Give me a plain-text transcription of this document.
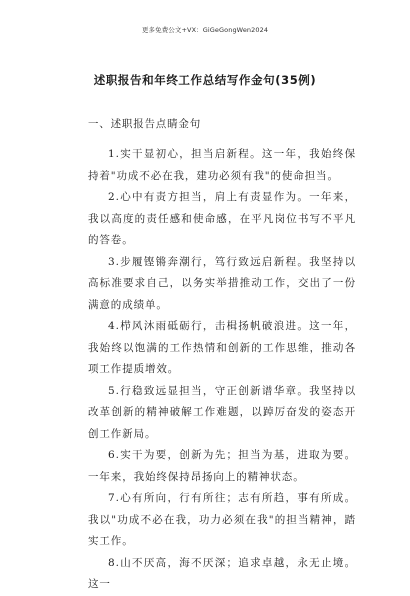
更多免费公文+VX：GiGeGongWen2024
述职报告和年终工作总结写作金句(35例)

一、述职报告点睛金句

1.实干显初心，担当启新程。这一年，我始终保持着"功成不必在我，建功必须有我"的使命担当。

2.心中有责方担当，肩上有责显作为。一年来，我以高度的责任感和使命感，在平凡岗位书写不平凡的答卷。

3.步履铿锵奔潮行，笃行致远启新程。我坚持以高标准要求自己，以务实举措推动工作，交出了一份满意的成绩单。

4.栉风沐雨砥砺行，击楫扬帆破浪进。这一年，我始终以饱满的工作热情和创新的工作思维，推动各项工作提质增效。

5.行稳致远显担当，守正创新谱华章。我坚持以改革创新的精神破解工作难题，以踔厉奋发的姿态开创工作新局。

6.实干为要，创新为先；担当为基，进取为要。一年来，我始终保持昂扬向上的精神状态。

7.心有所向，行有所往；志有所趋，事有所成。我以"功成不必在我，功力必须在我"的担当精神，踏实工作。

8.山不厌高，海不厌深；追求卓越，永无止境。这一
